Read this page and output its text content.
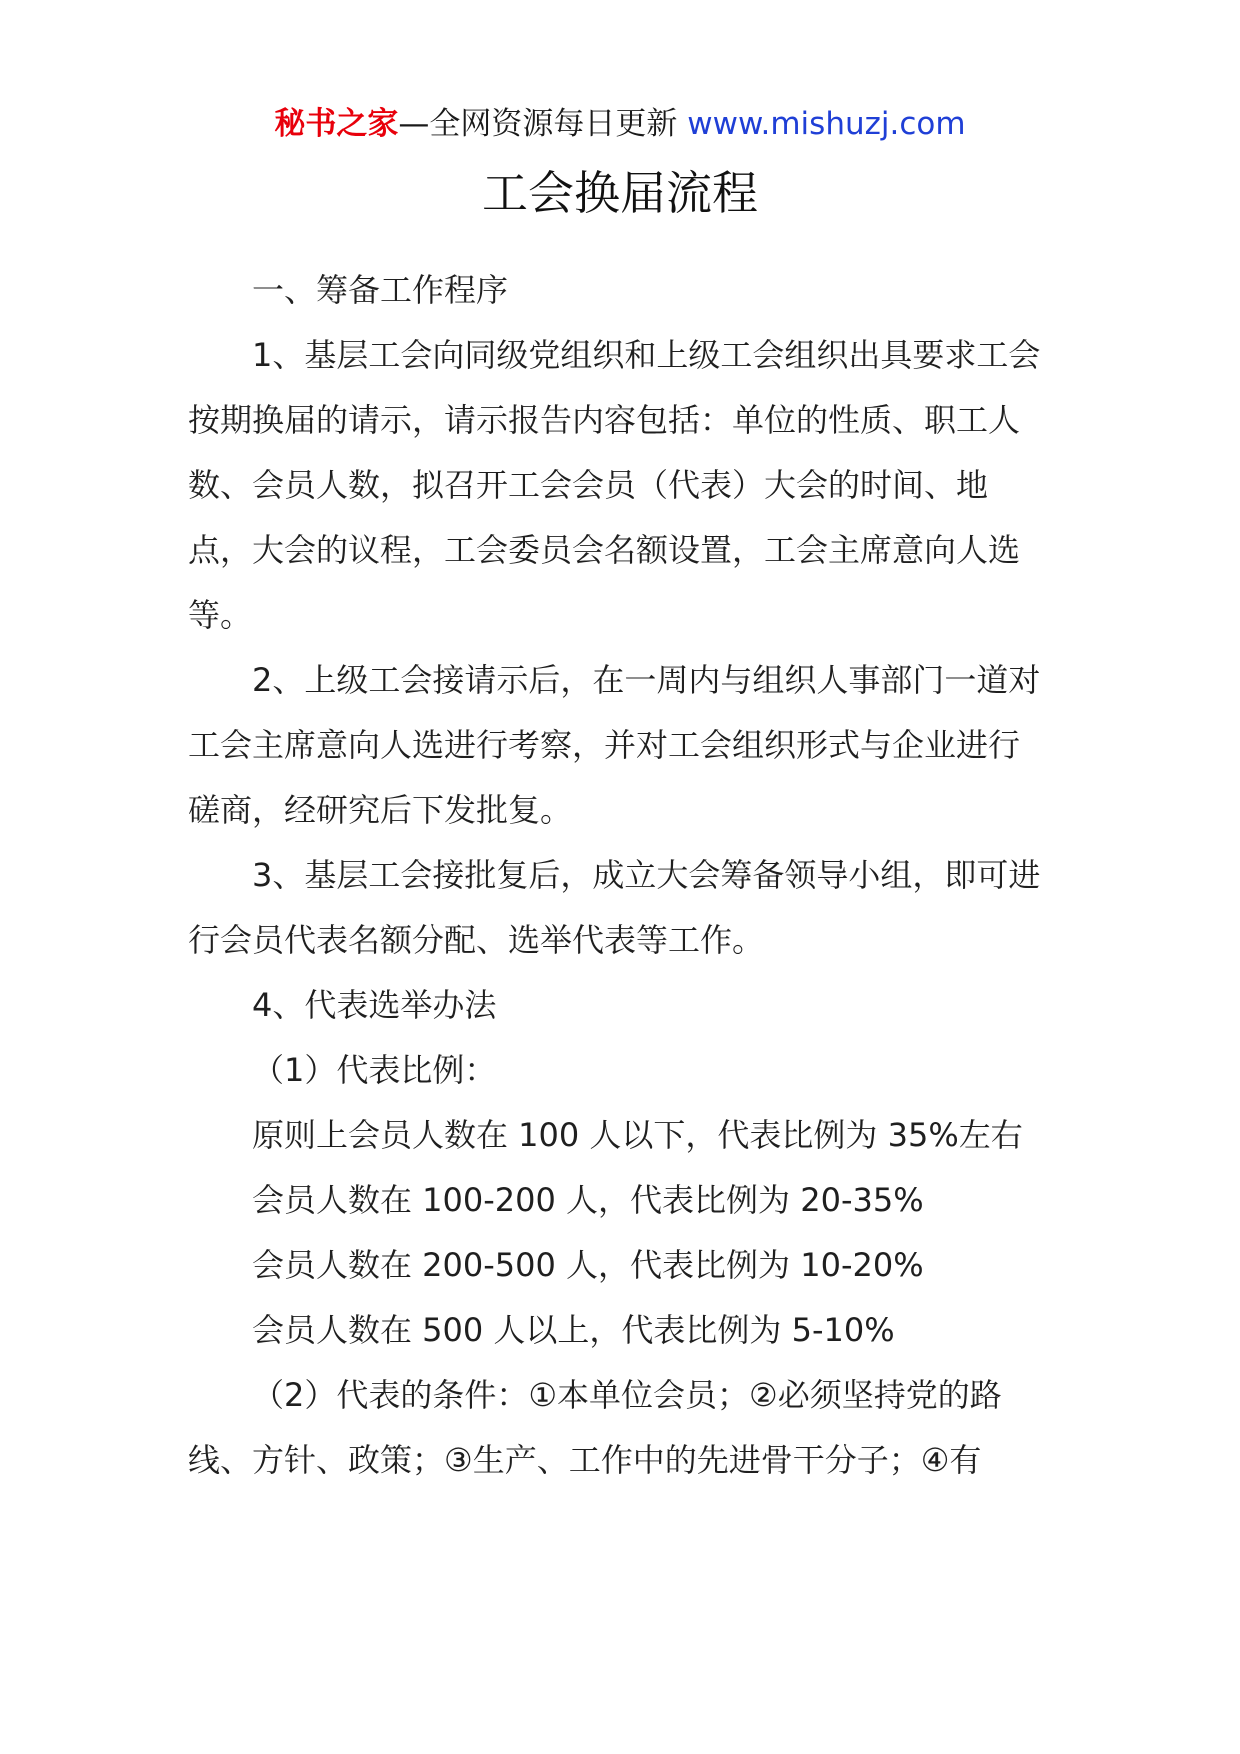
秘书之家—全网资源每日更新 www.mishuzj.com
工会换届流程

一、筹备工作程序

1、基层工会向同级党组织和上级工会组织出具要求工会按期换届的请示，请示报告内容包括：单位的性质、职工人数、会员人数，拟召开工会会员（代表）大会的时间、地点，大会的议程，工会委员会名额设置，工会主席意向人选等。

2、上级工会接请示后，在一周内与组织人事部门一道对工会主席意向人选进行考察，并对工会组织形式与企业进行磋商，经研究后下发批复。

3、基层工会接批复后，成立大会筹备领导小组，即可进行会员代表名额分配、选举代表等工作。

4、代表选举办法

（1）代表比例：

原则上会员人数在 100 人以下，代表比例为 35%左右

会员人数在 100-200 人，代表比例为 20-35%

会员人数在 200-500 人，代表比例为 10-20%

会员人数在 500 人以上，代表比例为 5-10%

（2）代表的条件：①本单位会员；②必须坚持党的路线、方针、政策；③生产、工作中的先进骨干分子；④有
